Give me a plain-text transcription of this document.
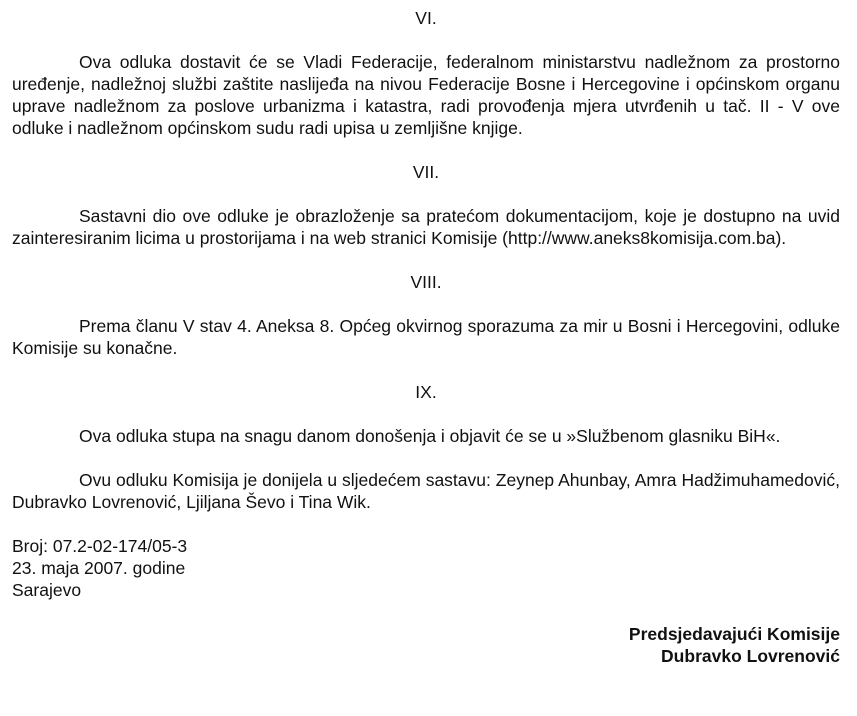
VI.

Ova odluka dostavit će se Vladi Federacije, federalnom ministarstvu nadležnom za prostorno uređenje, nadležnoj službi zaštite naslijeđa na nivou Federacije Bosne i Hercegovine i općinskom organu uprave nadležnom za poslove urbanizma i katastra, radi provođenja mjera utvrđenih u tač. II - V ove odluke i nadležnom općinskom sudu radi upisa u zemljišne knjige.

VII.

Sastavni dio ove odluke je obrazloženje sa pratećom dokumentacijom, koje je dostupno na uvid zainteresiranim licima u prostorijama i na web stranici Komisije (http://www.aneks8komisija.com.ba).

VIII.

Prema članu V stav 4. Aneksa 8. Općeg okvirnog sporazuma za mir u Bosni i Hercegovini, odluke Komisije su konačne.

IX.

Ova odluka stupa na snagu danom donošenja i objavit će se u »Službenom glasniku BiH«.

Ovu odluku Komisija je donijela u sljedećem sastavu: Zeynep Ahunbay, Amra Hadžimuhamedović, Dubravko Lovrenović, Ljiljana Ševo i Tina Wik.

Broj: 07.2-02-174/05-3

23. maja 2007. godine

Sarajevo

Predsjedavajući Komisije

Dubravko Lovrenović
